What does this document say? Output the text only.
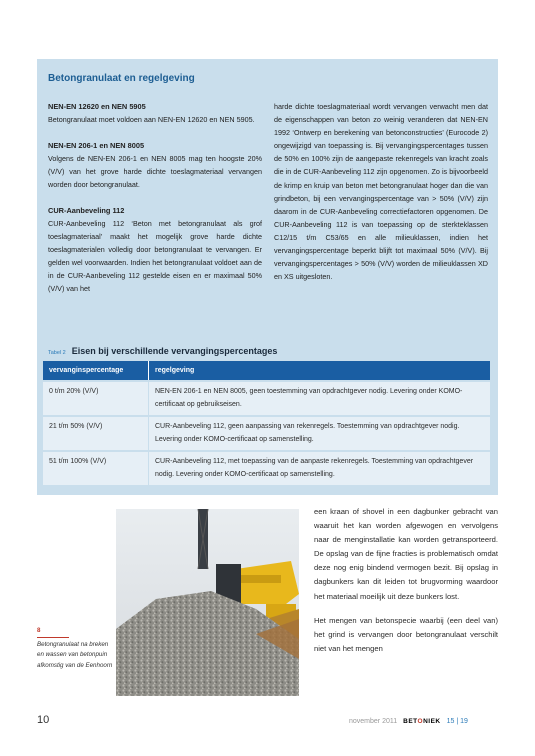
Betongranulaat en regelgeving
NEN-EN 12620 en NEN 5905

Betongranulaat moet voldoen aan NEN-EN 12620 en NEN 5905.

NEN-EN 206-1 en NEN 8005

Volgens de NEN-EN 206-1 en NEN 8005 mag ten hoogste 20% (V/V) van het grove harde dichte toeslagmateriaal vervangen worden door betongranulaat.

CUR-Aanbeveling 112

CUR-Aanbeveling 112 ‘Beton met betongranulaat als grof toeslagmateriaal’ maakt het mogelijk grove harde dichte toeslagmaterialen volledig door betongranulaat te vervangen. Er gelden wel voorwaarden. Indien het betongranulaat voldoet aan de in de CUR-Aanbeveling 112 gestelde eisen en er maximaal 50% (V/V) van het

harde dichte toeslagmateriaal wordt vervangen verwacht men dat de eigenschappen van beton zo weinig veranderen dat NEN-EN 1992 ‘Ontwerp en berekening van betonconstructies’ (Eurocode 2) ongewijzigd van toepassing is. Bij vervangingspercentages tussen de 50% en 100% zijn de aangepaste rekenregels van kracht zoals die in de CUR-Aanbeveling 112 zijn opgenomen. Zo is bijvoorbeeld de krimp en kruip van beton met betongranulaat hoger dan die van grindbeton, bij een vervangingspercentage van > 50% (V/V) zijn daarom in de CUR-Aanbeveling correctiefactoren opgenomen. De CUR-Aanbeveling 112 is van toepassing op de sterkteklassen C12/15 t/m C53/65 en alle milieuklassen, indien het vervangingspercentage beperkt blijft tot maximaal 50% (V/V). Bij vervangingspercentages > 50% (V/V) worden de milieuklassen XD en XS uitgesloten.

Tabel 2 Eisen bij verschillende vervangingspercentages
vervanginspercentage	regelgeving
0 t/m 20% (V/V)	NEN-EN 206-1 en NEN 8005, geen toestemming van opdrachtgever nodig. Levering onder KOMO-certificaat op gebruikseisen.
21 t/m 50% (V/V)	CUR-Aanbeveling 112, geen aanpassing van rekenregels. Toestemming van opdrachtgever nodig. Levering onder KOMO-certificaat op samenstelling.
51 t/m 100% (V/V)	CUR-Aanbeveling 112, met toepassing van de aanpaste rekenregels. Toestemming van opdrachtgever nodig. Levering onder KOMO-certificaat op samenstelling.
8
Betongranulaat na breken en wassen van betonpuin afkomstig van de Eenhoorn

een kraan of shovel in een dagbunker gebracht van waaruit het kan worden afgewogen en vervolgens naar de menginstallatie kan worden getransporteerd. De opslag van de fijne fracties is problematisch omdat deze nog enig bindend vermogen bezit. Bij opslag in dagbunkers kan dit leiden tot brugvorming waardoor het materiaal moeilijk uit deze bunkers lost.

Het mengen van betonspecie waarbij (een deel van) het grind is vervangen door betongranulaat verschilt niet van het mengen

10	november 2011 BETONIEK 15 | 19
